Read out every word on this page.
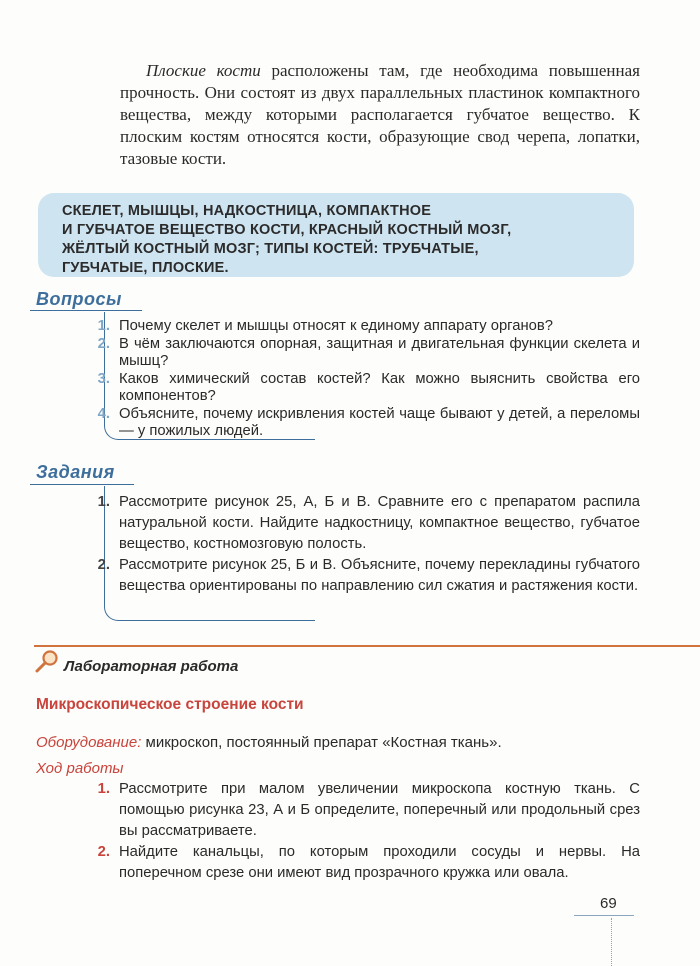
Плоские кости расположены там, где необходима повышенная прочность. Они состоят из двух параллельных пластинок компактного вещества, между которыми располагается губчатое вещество. К плоским костям относятся кости, образующие свод черепа, лопатки, тазовые кости.
СКЕЛЕТ, МЫШЦЫ, НАДКОСТНИЦА, КОМПАКТНОЕ
И ГУБЧАТОЕ ВЕЩЕСТВО КОСТИ, КРАСНЫЙ КОСТНЫЙ МОЗГ,
ЖЁЛТЫЙ КОСТНЫЙ МОЗГ; ТИПЫ КОСТЕЙ: ТРУБЧАТЫЕ,
ГУБЧАТЫЕ, ПЛОСКИЕ.
Вопросы
1. Почему скелет и мышцы относят к единому аппарату органов?
2. В чём заключаются опорная, защитная и двигательная функции скелета и мышц?
3. Каков химический состав костей? Как можно выяснить свойства его компонентов?
4. Объясните, почему искривления костей чаще бывают у детей, а переломы — у пожилых людей.
Задания
1. Рассмотрите рисунок 25, А, Б и В. Сравните его с препаратом распила натуральной кости. Найдите надкостницу, компактное вещество, губчатое вещество, костномозговую полость.
2. Рассмотрите рисунок 25, Б и В. Объясните, почему перекладины губчатого вещества ориентированы по направлению сил сжатия и растяжения кости.
Лабораторная работа
Микроскопическое строение кости
Оборудование: микроскоп, постоянный препарат «Костная ткань».
Ход работы
1. Рассмотрите при малом увеличении микроскопа костную ткань. С помощью рисунка 23, А и Б определите, поперечный или продольный срез вы рассматриваете.
2. Найдите канальцы, по которым проходили сосуды и нервы. На поперечном срезе они имеют вид прозрачного кружка или овала.
69
